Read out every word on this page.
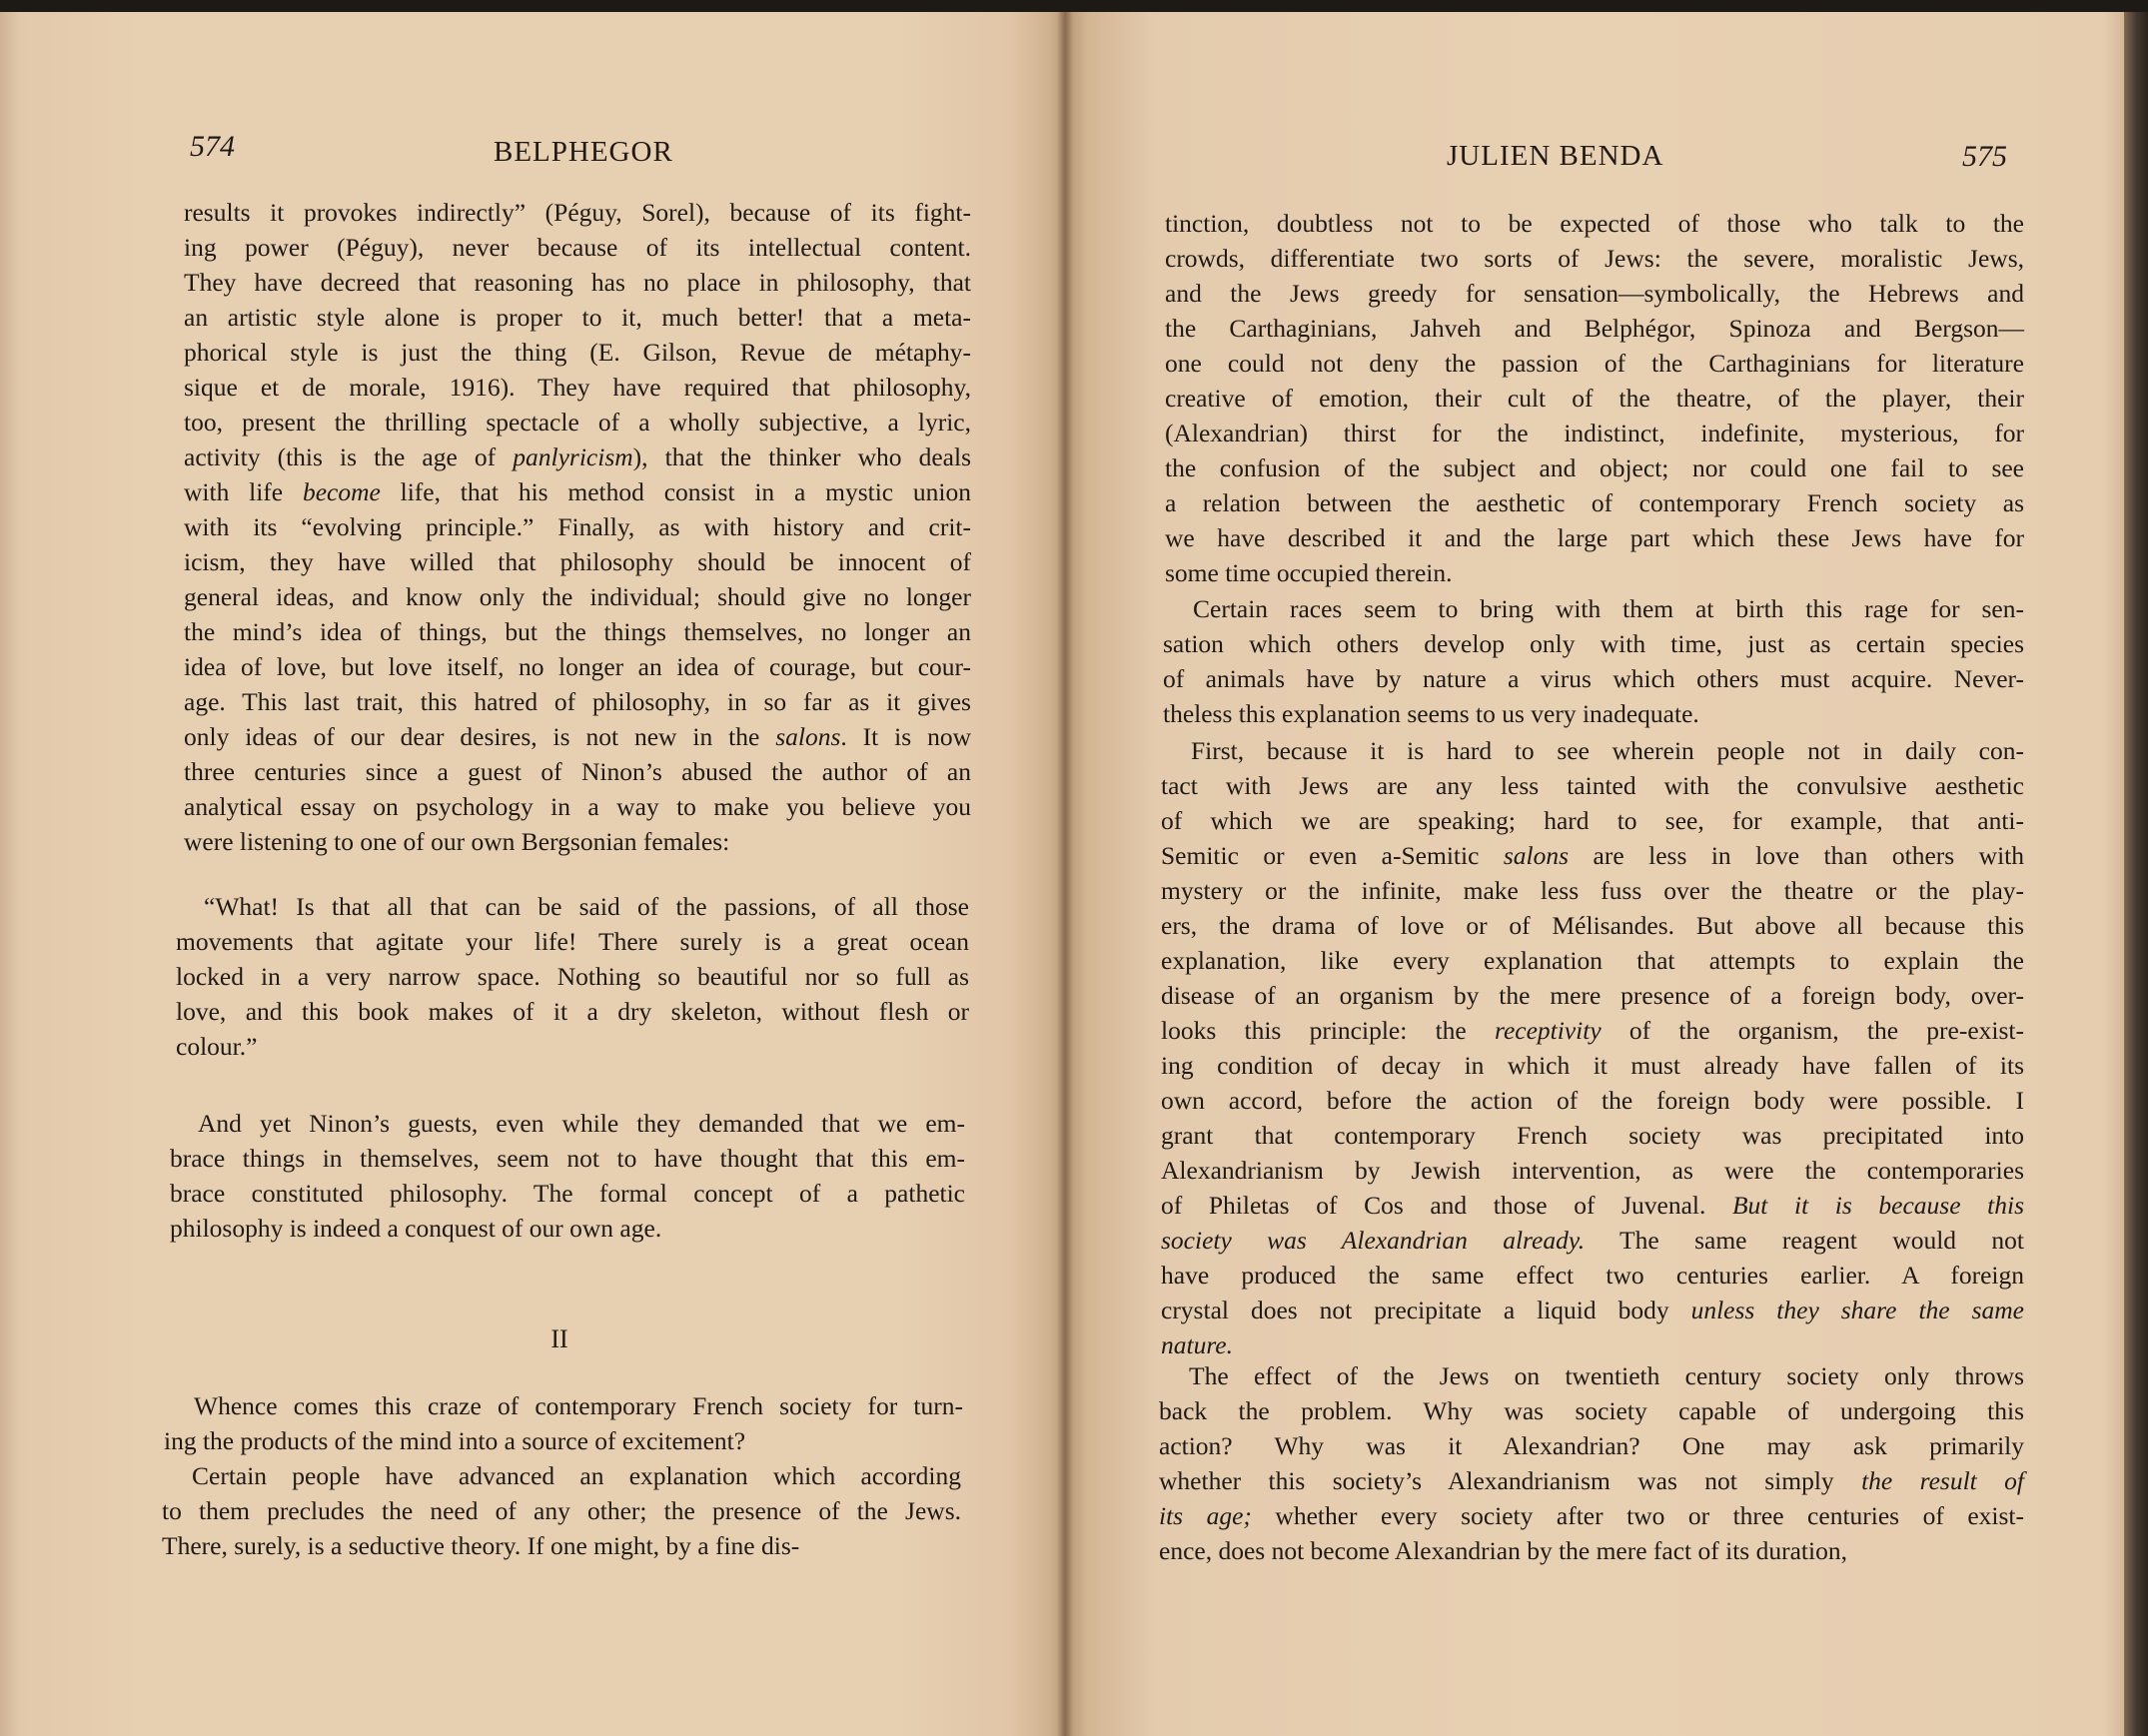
574	BELPHEGOR
results it provokes indirectly” (Péguy, Sorel), because of its fight-
ing power (Péguy), never because of its intellectual content.
They have decreed that reasoning has no place in philosophy, that
an artistic style alone is proper to it, much better! that a meta-
phorical style is just the thing (E. Gilson, Revue de métaphy-
sique et de morale, 1916). They have required that philosophy,
too, present the thrilling spectacle of a wholly subjective, a lyric,
activity (this is the age of panlyricism), that the thinker who deals
with life become life, that his method consist in a mystic union
with its “evolving principle.” Finally, as with history and crit-
icism, they have willed that philosophy should be innocent of
general ideas, and know only the individual; should give no longer
the mind’s idea of things, but the things themselves, no longer an
idea of love, but love itself, no longer an idea of courage, but cour-
age. This last trait, this hatred of philosophy, in so far as it gives
only ideas of our dear desires, is not new in the salons. It is now
three centuries since a guest of Ninon’s abused the author of an
analytical essay on psychology in a way to make you believe you
were listening to one of our own Bergsonian females:
“What! Is that all that can be said of the passions, of all those
movements that agitate your life! There surely is a great ocean
locked in a very narrow space. Nothing so beautiful nor so full as
love, and this book makes of it a dry skeleton, without flesh or
colour.”
And yet Ninon’s guests, even while they demanded that we em-
brace things in themselves, seem not to have thought that this em-
brace constituted philosophy. The formal concept of a pathetic
philosophy is indeed a conquest of our own age.
II
Whence comes this craze of contemporary French society for turn-
ing the products of the mind into a source of excitement?
Certain people have advanced an explanation which according
to them precludes the need of any other; the presence of the Jews.
There, surely, is a seductive theory. If one might, by a fine dis-
JULIEN BENDA	575
tinction, doubtless not to be expected of those who talk to the
crowds, differentiate two sorts of Jews: the severe, moralistic Jews,
and the Jews greedy for sensation—symbolically, the Hebrews and
the Carthaginians, Jahveh and Belphégor, Spinoza and Bergson—
one could not deny the passion of the Carthaginians for literature
creative of emotion, their cult of the theatre, of the player, their
(Alexandrian) thirst for the indistinct, indefinite, mysterious, for
the confusion of the subject and object; nor could one fail to see
a relation between the aesthetic of contemporary French society as
we have described it and the large part which these Jews have for
some time occupied therein.
Certain races seem to bring with them at birth this rage for sen-
sation which others develop only with time, just as certain species
of animals have by nature a virus which others must acquire. Never-
theless this explanation seems to us very inadequate.
First, because it is hard to see wherein people not in daily con-
tact with Jews are any less tainted with the convulsive aesthetic
of which we are speaking; hard to see, for example, that anti-
Semitic or even a-Semitic salons are less in love than others with
mystery or the infinite, make less fuss over the theatre or the play-
ers, the drama of love or of Mélisandes. But above all because this
explanation, like every explanation that attempts to explain the
disease of an organism by the mere presence of a foreign body, over-
looks this principle: the receptivity of the organism, the pre-exist-
ing condition of decay in which it must already have fallen of its
own accord, before the action of the foreign body were possible. I
grant that contemporary French society was precipitated into
Alexandrianism by Jewish intervention, as were the contemporaries
of Philetas of Cos and those of Juvenal. But it is because this
society was Alexandrian already. The same reagent would not
have produced the same effect two centuries earlier. A foreign
crystal does not precipitate a liquid body unless they share the same
nature.
The effect of the Jews on twentieth century society only throws
back the problem. Why was society capable of undergoing this
action? Why was it Alexandrian? One may ask primarily
whether this society’s Alexandrianism was not simply the result of
its age; whether every society after two or three centuries of exist-
ence, does not become Alexandrian by the mere fact of its duration,
